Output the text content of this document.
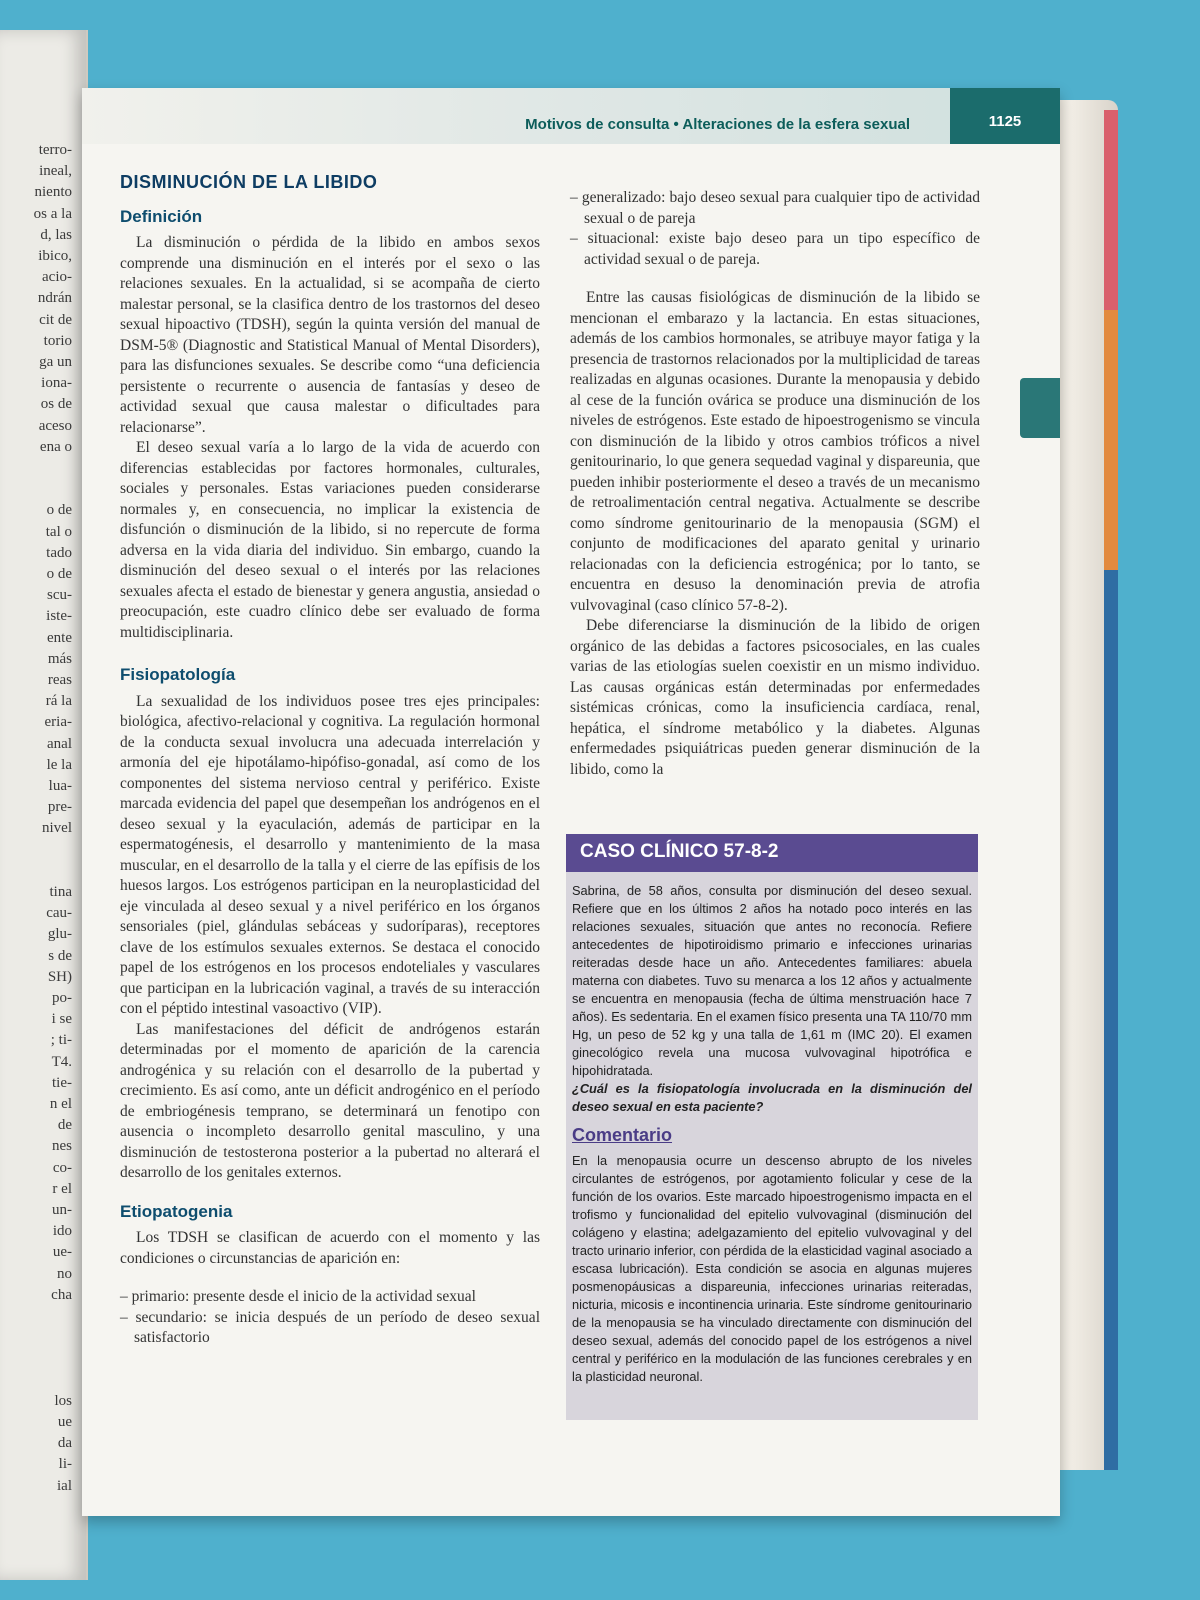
terro-
ineal,
niento
os a la
d, las
ibico,
acio-
ndrán
cit de
torio
ga un
iona-
os de
aceso
ena o
o de
tal o
tado
o de
scu-
iste-
ente
más
reas
rá la
eria-
anal
le la
lua-
pre-
nivel
tina
cau-
glu-
s de
SH)
po-
i se
; ti-
T4.
tie-
n el
de
nes
co-
r el
un-
ido
ue-
no
cha
los
ue
da
li-
ial
Motivos de consulta • Alteraciones de la esfera sexual	1125
DISMINUCIÓN DE LA LIBIDO
Definición

La disminución o pérdida de la libido en ambos sexos comprende una disminución en el interés por el sexo o las relaciones sexuales. En la actualidad, si se acompaña de cierto malestar personal, se la clasifica dentro de los trastornos del deseo sexual hipoactivo (TDSH), según la quinta versión del manual de DSM-5® (Diagnostic and Statistical Manual of Mental Disorders), para las disfunciones sexuales. Se describe como “una deficiencia persistente o recurrente o ausencia de fantasías y deseo de actividad sexual que causa malestar o dificultades para relacionarse”.

El deseo sexual varía a lo largo de la vida de acuerdo con diferencias establecidas por factores hormonales, culturales, sociales y personales. Estas variaciones pueden considerarse normales y, en consecuencia, no implicar la existencia de disfunción o disminución de la libido, si no repercute de forma adversa en la vida diaria del individuo. Sin embargo, cuando la disminución del deseo sexual o el interés por las relaciones sexuales afecta el estado de bienestar y genera angustia, ansiedad o preocupación, este cuadro clínico debe ser evaluado de forma multidisciplinaria.

Fisiopatología

La sexualidad de los individuos posee tres ejes principales: biológica, afectivo-relacional y cognitiva. La regulación hormonal de la conducta sexual involucra una adecuada interrelación y armonía del eje hipotálamo-hipófiso-gonadal, así como de los componentes del sistema nervioso central y periférico. Existe marcada evidencia del papel que desempeñan los andrógenos en el deseo sexual y la eyaculación, además de participar en la espermatogénesis, el desarrollo y mantenimiento de la masa muscular, en el desarrollo de la talla y el cierre de las epífisis de los huesos largos. Los estrógenos participan en la neuroplasticidad del eje vinculada al deseo sexual y a nivel periférico en los órganos sensoriales (piel, glándulas sebáceas y sudoríparas), receptores clave de los estímulos sexuales externos. Se destaca el conocido papel de los estrógenos en los procesos endoteliales y vasculares que participan en la lubricación vaginal, a través de su interacción con el péptido intestinal vasoactivo (VIP).

Las manifestaciones del déficit de andrógenos estarán determinadas por el momento de aparición de la carencia androgénica y su relación con el desarrollo de la pubertad y crecimiento. Es así como, ante un déficit androgénico en el período de embriogénesis temprano, se determinará un fenotipo con ausencia o incompleto desarrollo genital masculino, y una disminución de testosterona posterior a la pubertad no alterará el desarrollo de los genitales externos.

Etiopatogenia

Los TDSH se clasifican de acuerdo con el momento y las condiciones o circunstancias de aparición en:

– primario: presente desde el inicio de la actividad sexual
– secundario: se inicia después de un período de deseo sexual satisfactorio
– generalizado: bajo deseo sexual para cualquier tipo de actividad sexual o de pareja
– situacional: existe bajo deseo para un tipo específico de actividad sexual o de pareja.

Entre las causas fisiológicas de disminución de la libido se mencionan el embarazo y la lactancia. En estas situaciones, además de los cambios hormonales, se atribuye mayor fatiga y la presencia de trastornos relacionados por la multiplicidad de tareas realizadas en algunas ocasiones. Durante la menopausia y debido al cese de la función ovárica se produce una disminución de los niveles de estrógenos. Este estado de hipoestrogenismo se vincula con disminución de la libido y otros cambios tróficos a nivel genitourinario, lo que genera sequedad vaginal y dispareunia, que pueden inhibir posteriormente el deseo a través de un mecanismo de retroalimentación central negativa. Actualmente se describe como síndrome genitourinario de la menopausia (SGM) el conjunto de modificaciones del aparato genital y urinario relacionadas con la deficiencia estrogénica; por lo tanto, se encuentra en desuso la denominación previa de atrofia vulvovaginal (caso clínico 57-8-2).

Debe diferenciarse la disminución de la libido de origen orgánico de las debidas a factores psicosociales, en las cuales varias de las etiologías suelen coexistir en un mismo individuo. Las causas orgánicas están determinadas por enfermedades sistémicas crónicas, como la insuficiencia cardíaca, renal, hepática, el síndrome metabólico y la diabetes. Algunas enfermedades psiquiátricas pueden generar disminución de la libido, como la

CASO CLÍNICO 57-8-2
Sabrina, de 58 años, consulta por disminución del deseo sexual. Refiere que en los últimos 2 años ha notado poco interés en las relaciones sexuales, situación que antes no reconocía. Refiere antecedentes de hipotiroidismo primario e infecciones urinarias reiteradas desde hace un año. Antecedentes familiares: abuela materna con diabetes. Tuvo su menarca a los 12 años y actualmente se encuentra en menopausia (fecha de última menstruación hace 7 años). Es sedentaria. En el examen físico presenta una TA 110/70 mm Hg, un peso de 52 kg y una talla de 1,61 m (IMC 20). El examen ginecológico revela una mucosa vulvovaginal hipotrófica e hipohidratada.
¿Cuál es la fisiopatología involucrada en la disminución del deseo sexual en esta paciente?
Comentario
En la menopausia ocurre un descenso abrupto de los niveles circulantes de estrógenos, por agotamiento folicular y cese de la función de los ovarios. Este marcado hipoestrogenismo impacta en el trofismo y funcionalidad del epitelio vulvovaginal (disminución del colágeno y elastina; adelgazamiento del epitelio vulvovaginal y del tracto urinario inferior, con pérdida de la elasticidad vaginal asociado a escasa lubricación). Esta condición se asocia en algunas mujeres posmenopáusicas a dispareunia, infecciones urinarias reiteradas, nicturia, micosis e incontinencia urinaria. Este síndrome genitourinario de la menopausia se ha vinculado directamente con disminución del deseo sexual, además del conocido papel de los estrógenos a nivel central y periférico en la modulación de las funciones cerebrales y en la plasticidad neuronal.
